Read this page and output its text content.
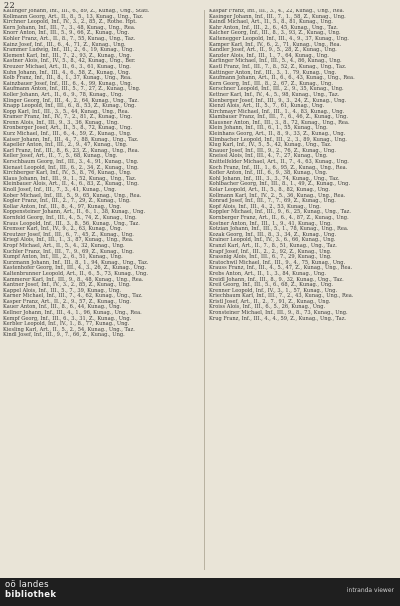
22

Kallinger Johann, Inf., III., 6., 89, Z., Kunag., Ung., Stati.

Kollmann Georg, Art., II., 8., 5., 13, Kunag., Ung., Taz.

Kirchner Leopold, Inf., IV., 3., 2., 85, Z., Rothe. Hpt.

Kern Johann, Inf., III., 7., 3., 48, Kunag., Ung., Rea.

Knorr Anton, Inf., III., 5., 9., 66, Z., Kunag., Ung.

Kohler Franz, Art., II., 8., 7., 55, Kunag., Ung., Taz.

Kainz Josef, Inf., III., 6., 4., 71, Z., Kunag., Ung.

Krammer Ludwig, Inf., III., 2., 6., 19, Kunag., Ung.

Klement Karl, Inf., III., 7., 2., 93, Z., Kunag., Ung.

Kastner Alois, Inf., IV., 5., 8., 42, Kunag., Ung., Ber.

Kreuzer Michael, Art., II., 6., 3., 61, Kunag., Ung.

Kuhn Johann, Inf., III., 4., 6., 58, Z., Kunag., Ung.

Kolb Franz, Inf., III., 8., 1., 37, Kunag., Ung., Rea.

Kainzbauer Josef, Inf., III., 6., 4., 99, Kunag., Ung.

Kaufmann Anton, Inf., III., 5., 7., 27, Z., Kunag., Ung.

Koller Johann, Art., II., 6., 9., 78, Kunag., Ung.

Klinger Georg, Inf., III., 4., 2., 64, Kunag., Ung., Taz.

Knapp Leopold, Inf., III., 6., 8., 53, Z., Kunag., Ung.

Kopp Karl, Inf., III., 3., 5., 44, Kunag., Ung., Rea.

Kramer Franz, Inf., IV., 7., 2., 81, Z., Kunag., Ung.

Krenn Alois, Inf., III., 9., 3., 36, Kunag., Ung.

Kronberger Josef, Art., II., 5., 8., 72, Kunag., Ung.

Kurz Michael, Inf., III., 6., 4., 59, Z., Kunag., Ung.

Kaiser Johann, Inf., III., 4., 7., 88, Kunag., Ung., Taz.

Kapeller Anton, Inf., III., 2., 9., 47, Kunag., Ung.

Karl Franz, Inf., III., 8., 6., 23, Z., Kunag., Ung., Rea.

Keller Josef, Art., II., 7., 5., 68, Kunag., Ung.

Kerschbaum Georg, Inf., III., 3., 4., 91, Kunag., Ung.

Kienast Leopold, Inf., III., 6., 2., 34, Z., Kunag., Ung.

Kirchberger Karl, Inf., IV., 5., 8., 76, Kunag., Ung.

Klaus Johann, Inf., III., 9., 1., 52, Kunag., Ung., Taz.

Kleinbauer Alois, Art., II., 4., 6., 83, Z., Kunag., Ung.

Knoll Josef, Inf., III., 7., 3., 41, Kunag., Ung.

Kober Michael, Inf., III., 5., 9., 65, Kunag., Ung., Rea.

Kogler Franz, Inf., III., 2., 7., 29, Z., Kunag., Ung.

Kollar Anton, Inf., III., 8., 4., 97, Kunag., Ung.

Koppensteiner Johann, Art., II., 6., 1., 38, Kunag., Ung.

Kornfeld Georg, Inf., III., 4., 5., 74, Z., Kunag., Ung.

Kraus Leopold, Inf., III., 3., 8., 56, Kunag., Ung., Taz.

Kremser Karl, Inf., IV., 9., 2., 63, Kunag., Ung.

Kreutzer Josef, Inf., III., 6., 7., 45, Z., Kunag., Ung.

Kriegl Alois, Inf., III., 1., 3., 87, Kunag., Ung., Rea.

Kropf Michael, Art., II., 5., 4., 32, Kunag., Ung.

Kuchler Franz, Inf., III., 7., 9., 69, Z., Kunag., Ung.

Kumpf Anton, Inf., III., 2., 6., 51, Kunag., Ung.

Kurzmann Johann, Inf., III., 8., 1., 94, Kunag., Ung., Taz.

Kastenhofer Georg, Inf., III., 4., 3., 26, Z., Kunag., Ung.

Kaltenbrunner Leopold, Art., II., 6., 5., 73, Kunag., Ung.

Kammerer Karl, Inf., III., 9., 8., 48, Kunag., Ung., Rea.

Kantner Josef, Inf., IV., 3., 2., 85, Z., Kunag., Ung.

Kappel Alois, Inf., III., 5., 7., 39, Kunag., Ung.

Karner Michael, Inf., III., 7., 4., 62, Kunag., Ung., Taz.

Kasper Franz, Art., II., 2., 9., 57, Z., Kunag., Ung.

Kauer Anton, Inf., III., 8., 6., 44, Kunag., Ung.

Kellner Johann, Inf., III., 4., 1., 96, Kunag., Ung., Rea.

Kempf Georg, Inf., III., 6., 3., 31, Z., Kunag., Ung.

Kerbler Leopold, Inf., IV., 1., 8., 77, Kunag., Ung.

Kiesling Karl, Art., II., 5., 2., 54, Kunag., Ung., Taz.

Kindl Josef, Inf., III., 9., 7., 66, Z., Kunag., Ung.

Kaspar Franz, Inf., III., 3., 4., 22, Kunag., Ung., Rea.

Kasinger Johann, Inf., III., 7., 1., 58, Z., Kunag., Ung.

Kaindl Michael, Art., II., 5., 8., 81, Kunag., Ung.

Kahr Anton, Inf., III., 2., 6., 45, Kunag., Ung., Taz.

Kalcher Georg, Inf., III., 8., 3., 93, Z., Kunag., Ung.

Kaltenegger Leopold, Inf., III., 4., 9., 37, Kunag., Ung.

Kamper Karl, Inf., IV., 6., 2., 71, Kunag., Ung., Rea.

Kandler Josef, Art., II., 9., 5., 28, Z., Kunag., Ung.

Kanzler Alois, Inf., III., 1., 7., 64, Kunag., Ung.

Karlinger Michael, Inf., III., 5., 4., 86, Kunag., Ung.

Kastl Franz, Inf., III., 7., 8., 52, Z., Kunag., Ung., Taz.

Kattinger Anton, Inf., III., 3., 1., 79, Kunag., Ung.

Kaufmann Johann, Art., II., 6., 6., 43, Kunag., Ung., Rea.

Kern Georg, Inf., III., 8., 2., 67, Z., Kunag., Ung.

Kerschner Leopold, Inf., III., 2., 9., 35, Kunag., Ung.

Kettner Karl, Inf., IV., 4., 5., 98, Kunag., Ung., Taz.

Kienberger Josef, Inf., III., 9., 3., 24, Z., Kunag., Ung.

Kienzl Alois, Art., II., 5., 7., 61, Kunag., Ung.

Kirchmayr Michael, Inf., III., 1., 4., 83, Kunag., Ung.

Klambauer Franz, Inf., III., 7., 6., 46, Z., Kunag., Ung.

Klausner Anton, Inf., III., 3., 8., 72, Kunag., Ung., Rea.

Klein Johann, Inf., III., 6., 1., 55, Kunag., Ung.

Kleinhans Georg, Art., II., 8., 9., 33, Z., Kunag., Ung.

Klimbacher Leopold, Inf., III., 2., 3., 89, Kunag., Ung.

Klug Karl, Inf., IV., 5., 5., 42, Kunag., Ung., Taz.

Knauer Josef, Inf., III., 9., 2., 76, Z., Kunag., Ung.

Kneissl Alois, Inf., III., 4., 7., 27, Kunag., Ung.

Knittelfelder Michael, Art., II., 7., 4., 63, Kunag., Ung.

Koch Franz, Inf., III., 1., 6., 95, Z., Kunag., Ung., Rea.

Kofler Anton, Inf., III., 6., 9., 38, Kunag., Ung.

Kohl Johann, Inf., III., 3., 3., 74, Kunag., Ung., Taz.

Kohlbacher Georg, Inf., III., 8., 1., 49, Z., Kunag., Ung.

Kolar Leopold, Art., II., 5., 8., 82, Kunag., Ung.

Kollmann Karl, Inf., IV., 2., 5., 36, Kunag., Ung., Rea.

Konrad Josef, Inf., III., 7., 7., 69, Z., Kunag., Ung.

Kopf Alois, Inf., III., 4., 2., 53, Kunag., Ung.

Koppler Michael, Inf., III., 9., 6., 25, Kunag., Ung., Taz.

Kornberger Franz, Art., II., 6., 4., 87, Z., Kunag., Ung.

Kostner Anton, Inf., III., 1., 9., 41, Kunag., Ung.

Kotzian Johann, Inf., III., 5., 1., 78, Kunag., Ung., Rea.

Kozak Georg, Inf., III., 8., 3., 34, Z., Kunag., Ung.

Krainer Leopold, Inf., IV., 3., 6., 66, Kunag., Ung.

Kranzl Karl, Art., II., 7., 8., 51, Kunag., Ung., Taz.

Krapf Josef, Inf., III., 2., 2., 92, Z., Kunag., Ung.

Krassnig Alois, Inf., III., 6., 7., 29, Kunag., Ung.

Kratochwil Michael, Inf., III., 9., 4., 75, Kunag., Ung.

Krauss Franz, Inf., III., 4., 5., 47, Z., Kunag., Ung., Rea.

Krebs Anton, Art., II., 1., 3., 84, Kunag., Ung.

Kreidl Johann, Inf., III., 8., 9., 32, Kunag., Ung., Taz.

Kreil Georg, Inf., III., 5., 6., 68, Z., Kunag., Ung.

Krenner Leopold, Inf., IV., 3., 1., 57, Kunag., Ung.

Kriechbaum Karl, Inf., III., 7., 2., 43, Kunag., Ung., Rea.

Kristl Josef, Art., II., 2., 7., 91, Z., Kunag., Ung.

Kroiss Alois, Inf., III., 6., 5., 26, Kunag., Ung.

Kronsteiner Michael, Inf., III., 9., 8., 73, Kunag., Ung.

Krug Franz, Inf., III., 4., 4., 59, Z., Kunag., Ung., Taz.

oö landes
bibliothek	intranda viewer
